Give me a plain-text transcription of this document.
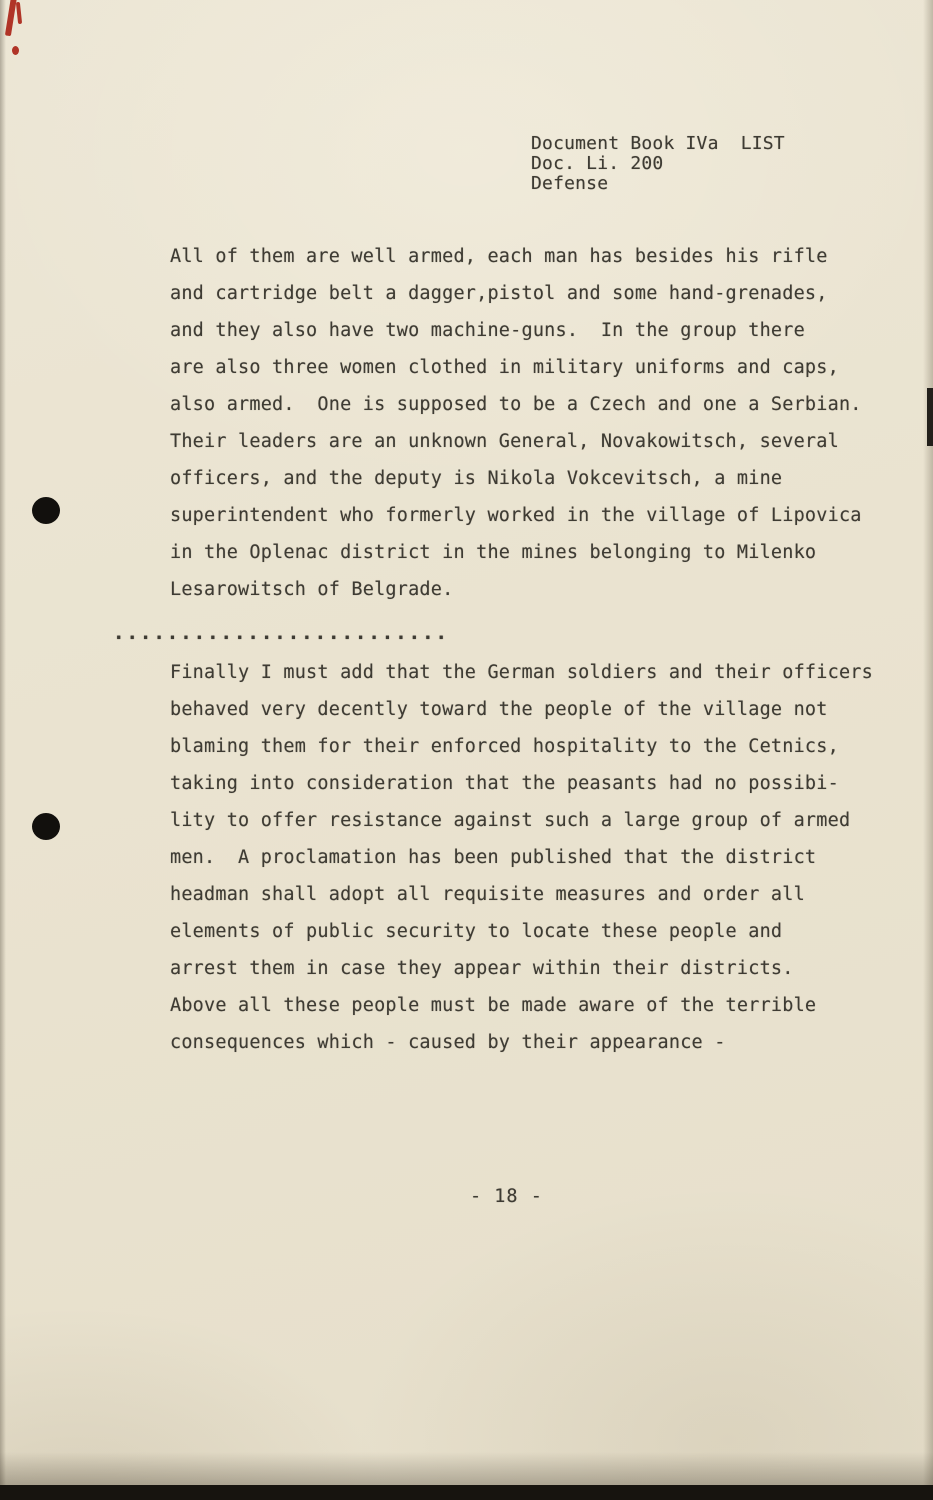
Document Book IVa  LIST
Doc. Li. 200
Defense
All of them are well armed, each man has besides his rifle
and cartridge belt a dagger,pistol and some hand-grenades,
and they also have two machine-guns.  In the group there
are also three women clothed in military uniforms and caps,
also armed.  One is supposed to be a Czech and one a Serbian.
Their leaders are an unknown General, Novakowitsch, several
officers, and the deputy is Nikola Vokcevitsch, a mine
superintendent who formerly worked in the village of Lipovica
in the Oplenac district in the mines belonging to Milenko
Lesarowitsch of Belgrade.
.........................
Finally I must add that the German soldiers and their officers
behaved very decently toward the people of the village not
blaming them for their enforced hospitality to the Cetnics,
taking into consideration that the peasants had no possibi-
lity to offer resistance against such a large group of armed
men.  A proclamation has been published that the district
headman shall adopt all requisite measures and order all
elements of public security to locate these people and
arrest them in case they appear within their districts.
Above all these people must be made aware of the terrible
consequences which - caused by their appearance -
- 18 -
